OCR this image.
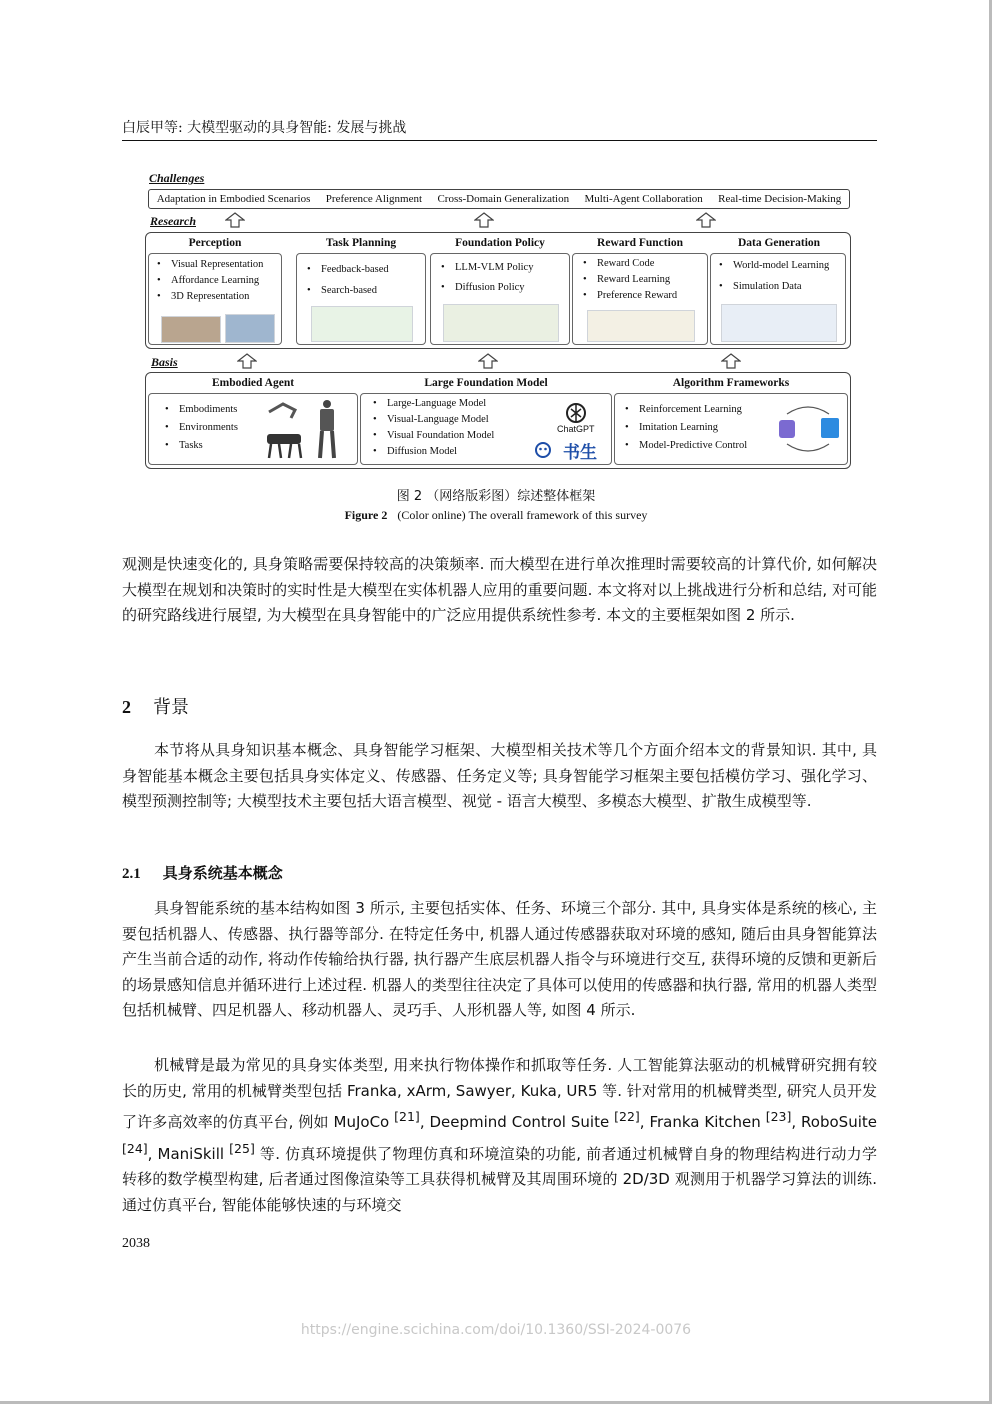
白辰甲等: 大模型驱动的具身智能: 发展与挑战
Challenges
Adaptation in Embodied Scenarios Preference Alignment Cross-Domain Generalization Multi-Agent Collaboration Real-time Decision-Making
Research
Perception
• Visual Representation
• Affordance Learning
• 3D Representation
Task Planning
• Feedback-based
• Search-based
Foundation Policy
• LLM-VLM Policy
• Diffusion Policy
Reward Function
• Reward Code
• Reward Learning
• Preference Reward
Data Generation
• World-model Learning
• Simulation Data
Basis
Embodied Agent
• Embodiments
• Environments
• Tasks
Large Foundation Model
• Large-Language Model
• Visual-Language Model
• Visual Foundation Model
• Diffusion Model
ChatGPT
书生
Algorithm Frameworks
• Reinforcement Learning
• Imitation Learning
• Model-Predictive Control
图 2 （网络版彩图）综述整体框架
Figure 2 (Color online) The overall framework of this survey
观测是快速变化的, 具身策略需要保持较高的决策频率. 而大模型在进行单次推理时需要较高的计算代价, 如何解决大模型在规划和决策时的实时性是大模型在实体机器人应用的重要问题. 本文将对以上挑战进行分析和总结, 对可能的研究路线进行展望, 为大模型在具身智能中的广泛应用提供系统性参考. 本文的主要框架如图 2 所示.
2 背景
本节将从具身知识基本概念、具身智能学习框架、大模型相关技术等几个方面介绍本文的背景知识. 其中, 具身智能基本概念主要包括具身实体定义、传感器、任务定义等; 具身智能学习框架主要包括模仿学习、强化学习、模型预测控制等; 大模型技术主要包括大语言模型、视觉 - 语言大模型、多模态大模型、扩散生成模型等.
2.1 具身系统基本概念
具身智能系统的基本结构如图 3 所示, 主要包括实体、任务、环境三个部分. 其中, 具身实体是系统的核心, 主要包括机器人、传感器、执行器等部分. 在特定任务中, 机器人通过传感器获取对环境的感知, 随后由具身智能算法产生当前合适的动作, 将动作传输给执行器, 执行器产生底层机器人指令与环境进行交互, 获得环境的反馈和更新后的场景感知信息并循环进行上述过程. 机器人的类型往往决定了具体可以使用的传感器和执行器, 常用的机器人类型包括机械臂、四足机器人、移动机器人、灵巧手、人形机器人等, 如图 4 所示.
机械臂是最为常见的具身实体类型, 用来执行物体操作和抓取等任务. 人工智能算法驱动的机械臂研究拥有较长的历史, 常用的机械臂类型包括 Franka, xArm, Sawyer, Kuka, UR5 等. 针对常用的机械臂类型, 研究人员开发了许多高效率的仿真平台, 例如 MuJoCo [21], Deepmind Control Suite [22], Franka Kitchen [23], RoboSuite [24], ManiSkill [25] 等. 仿真环境提供了物理仿真和环境渲染的功能, 前者通过机械臂自身的物理结构进行动力学转移的数学模型构建, 后者通过图像渲染等工具获得机械臂及其周围环境的 2D/3D 观测用于机器学习算法的训练. 通过仿真平台, 智能体能够快速的与环境交
2038
https://engine.scichina.com/doi/10.1360/SSI-2024-0076
